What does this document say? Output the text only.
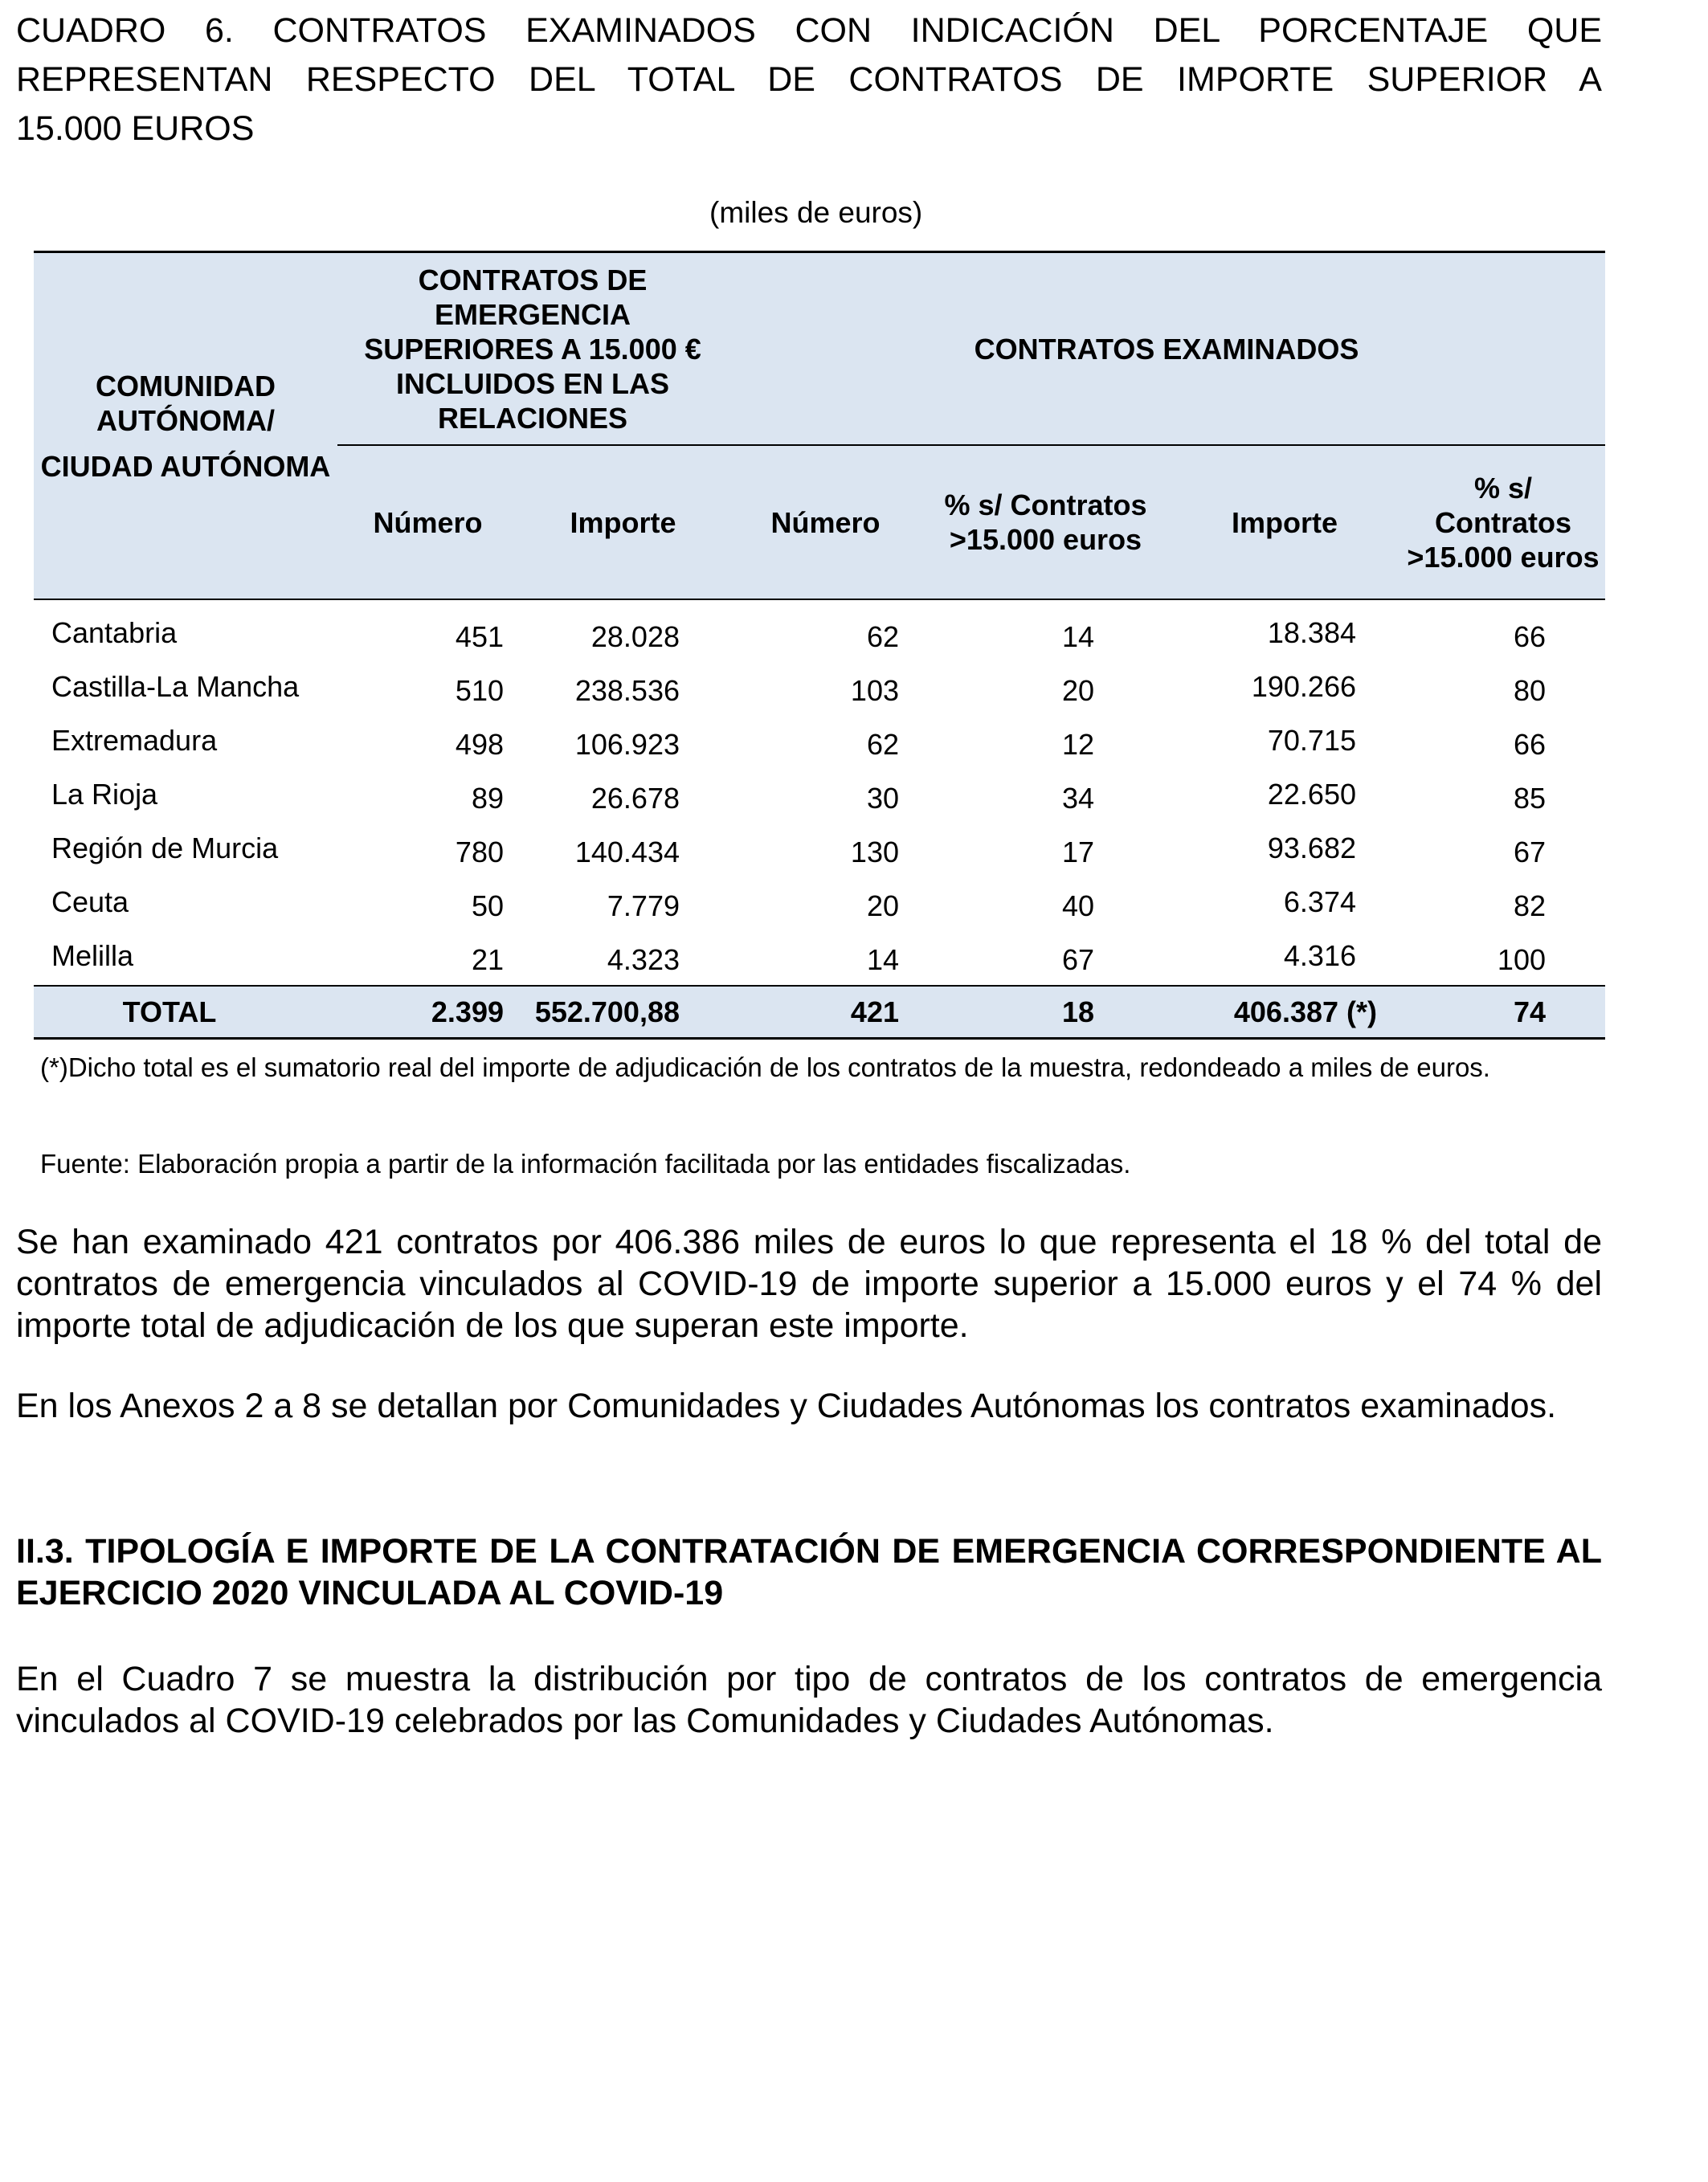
CUADRO 6. CONTRATOS EXAMINADOS CON INDICACIÓN DEL PORCENTAJE QUE
REPRESENTAN RESPECTO DEL TOTAL DE CONTRATOS DE IMPORTE SUPERIOR A
15.000 EUROS
(miles de euros)
COMUNIDAD AUTÓNOMA/
CIUDAD AUTÓNOMA	CONTRATOS DE EMERGENCIA SUPERIORES A 15.000 € INCLUIDOS EN LAS RELACIONES		CONTRATOS EXAMINADOS			
	Número	Importe	Número	% s/ Contratos >15.000 euros	Importe	% s/ Contratos >15.000 euros
Cantabria	451	28.028	62	14	18.384	66
Castilla-La Mancha	510	238.536	103	20	190.266	80
Extremadura	498	106.923	62	12	70.715	66
La Rioja	89	26.678	30	34	22.650	85
Región de Murcia	780	140.434	130	17	93.682	67
Ceuta	50	7.779	20	40	6.374	82
Melilla	21	4.323	14	67	4.316	100
TOTAL	2.399	552.700,88	421	18	406.387 (*)	74
(*)Dicho total es el sumatorio real del importe de adjudicación de los contratos de la muestra, redondeado a miles de euros.
Fuente: Elaboración propia a partir de la información facilitada por las entidades fiscalizadas.
Se han examinado 421 contratos por 406.386 miles de euros lo que representa el 18 % del total de contratos de emergencia vinculados al COVID-19 de importe superior a 15.000 euros y el 74 % del importe total de adjudicación de los que superan este importe.
En los Anexos 2 a 8 se detallan por Comunidades y Ciudades Autónomas los contratos examinados.
II.3. TIPOLOGÍA E IMPORTE DE LA CONTRATACIÓN DE EMERGENCIA CORRESPONDIENTE AL EJERCICIO 2020 VINCULADA AL COVID-19
En el Cuadro 7 se muestra la distribución por tipo de contratos de los contratos de emergencia vinculados al COVID-19 celebrados por las Comunidades y Ciudades Autónomas.
